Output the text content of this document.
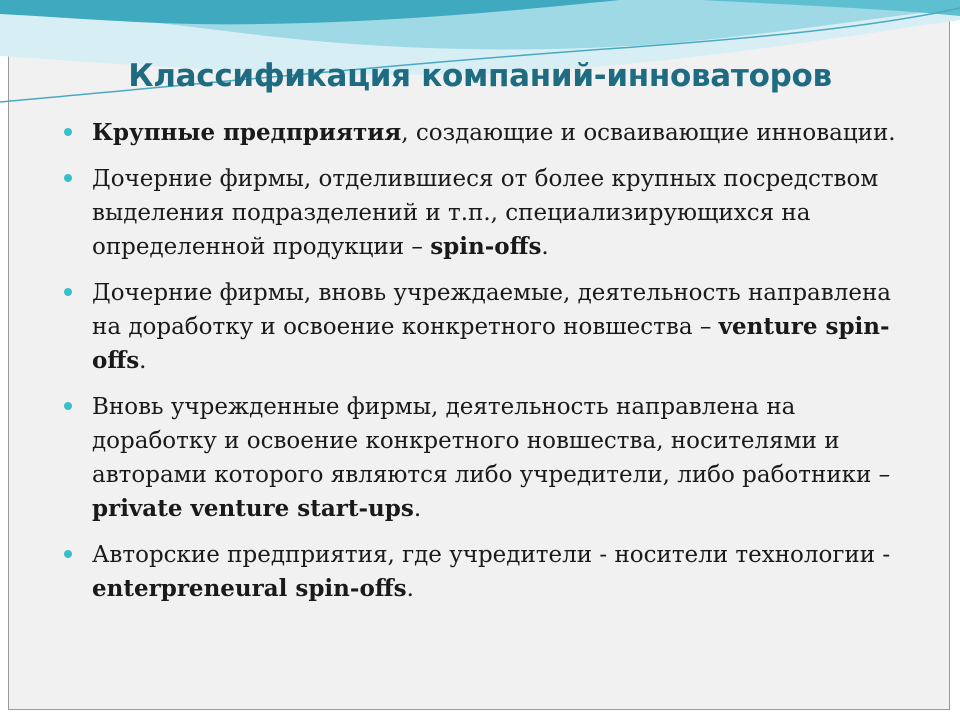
Классификация компаний-инноваторов
Крупные предприятия, создающие и осваивающие инновации.
Дочерние фирмы, отделившиеся от более крупных посредством выделения подразделений и т.п., специализирующихся на определенной продукции – spin-offs.
Дочерние фирмы, вновь учреждаемые, деятельность направлена на доработку и освоение конкретного новшества – venture spin-offs.
Вновь учрежденные фирмы, деятельность направлена на доработку и освоение конкретного новшества, носителями и авторами которого являются либо учредители, либо работники – private venture start-ups.
Авторские предприятия, где учредители - носители технологии - enterpreneural spin-offs.
